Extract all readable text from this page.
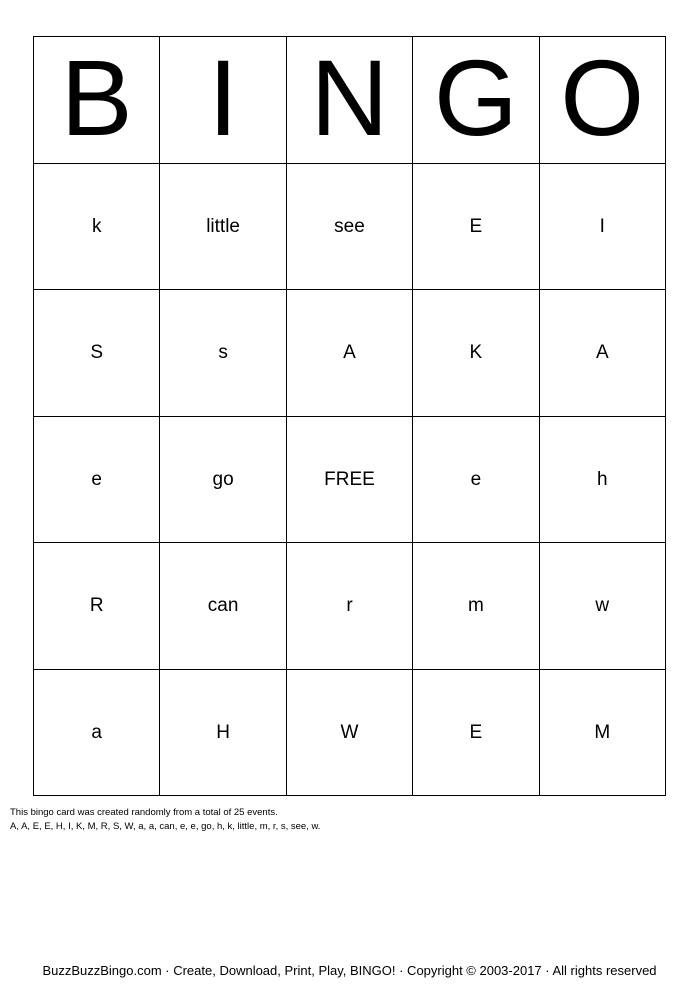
B I N G O
k	little	see	E	I
S	s	A	K	A
e	go	FREE	e	h
R	can	r	m	w
a	H	W	E	M
This bingo card was created randomly from a total of 25 events.
A, A, E, E, H, I, K, M, R, S, W, a, a, can, e, e, go, h, k, little, m, r, s, see, w.
BuzzBuzzBingo.com · Create, Download, Print, Play, BINGO! · Copyright © 2003-2017 · All rights reserved
